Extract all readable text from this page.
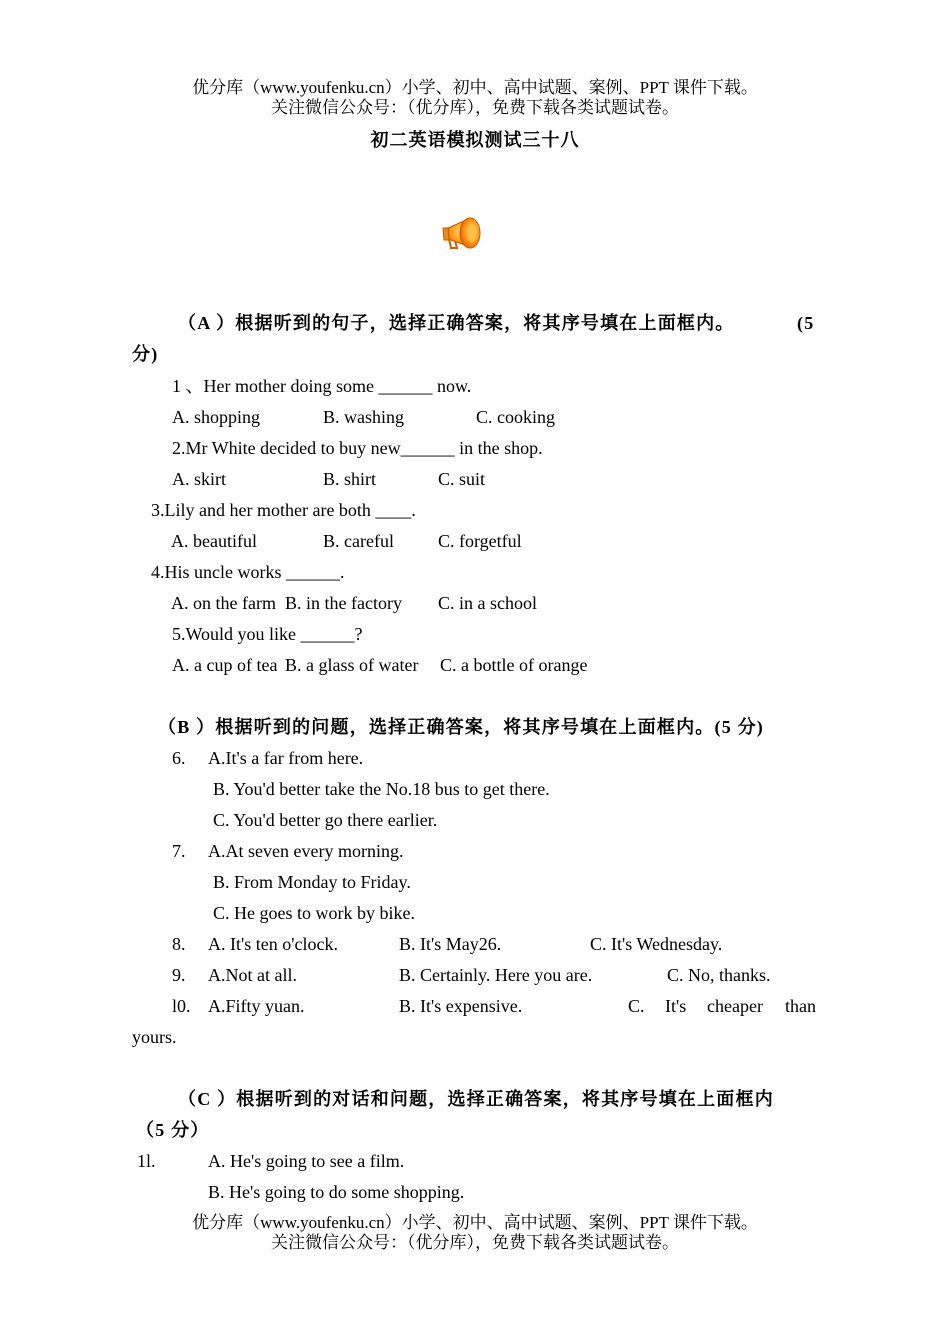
优分库（www.youfenku.cn）小学、初中、高中试题、案例、PPT 课件下载。
关注微信公众号：（优分库），免费下载各类试题试卷。
初二英语模拟测试三十八
（A ）根据听到的句子，选择正确答案，将其序号填在上面框内。	(5
分)
1 、Her mother doing some ______ now.
A. shopping	B. washing	C. cooking
2.Mr White decided to buy new______ in the shop.
A. skirt	B. shirt	C. suit
3.Lily and her mother are both ____.
A. beautiful	B. careful C. forgetful
4.His uncle works ______.
A. on the farm B. in the factory C. in a school
5.Would you like ______?
A. a cup of tea B. a glass of water C. a bottle of orange
（B ）根据听到的问题，选择正确答案，将其序号填在上面框内。(5 分)
6. A.It's a far from here.
B. You'd better take the No.18 bus to get there.
C. You'd better go there earlier.
7. A.At seven every morning.
B. From Monday to Friday.
C. He goes to work by bike.
8. A. It's ten o'clock.	B. It's May26.	C. It's Wednesday.
9. A.Not at all.	B. Certainly. Here you are.	C. No, thanks.
l0. A.Fifty yuan.	B. It's expensive.	C. It's cheaper than
yours.
（C ）根据听到的对话和问题，选择正确答案，将其序号填在上面框内
（5 分）
1l.	A. He's going to see a film.
B. He's going to do some shopping.
优分库（www.youfenku.cn）小学、初中、高中试题、案例、PPT 课件下载。
关注微信公众号：（优分库），免费下载各类试题试卷。
